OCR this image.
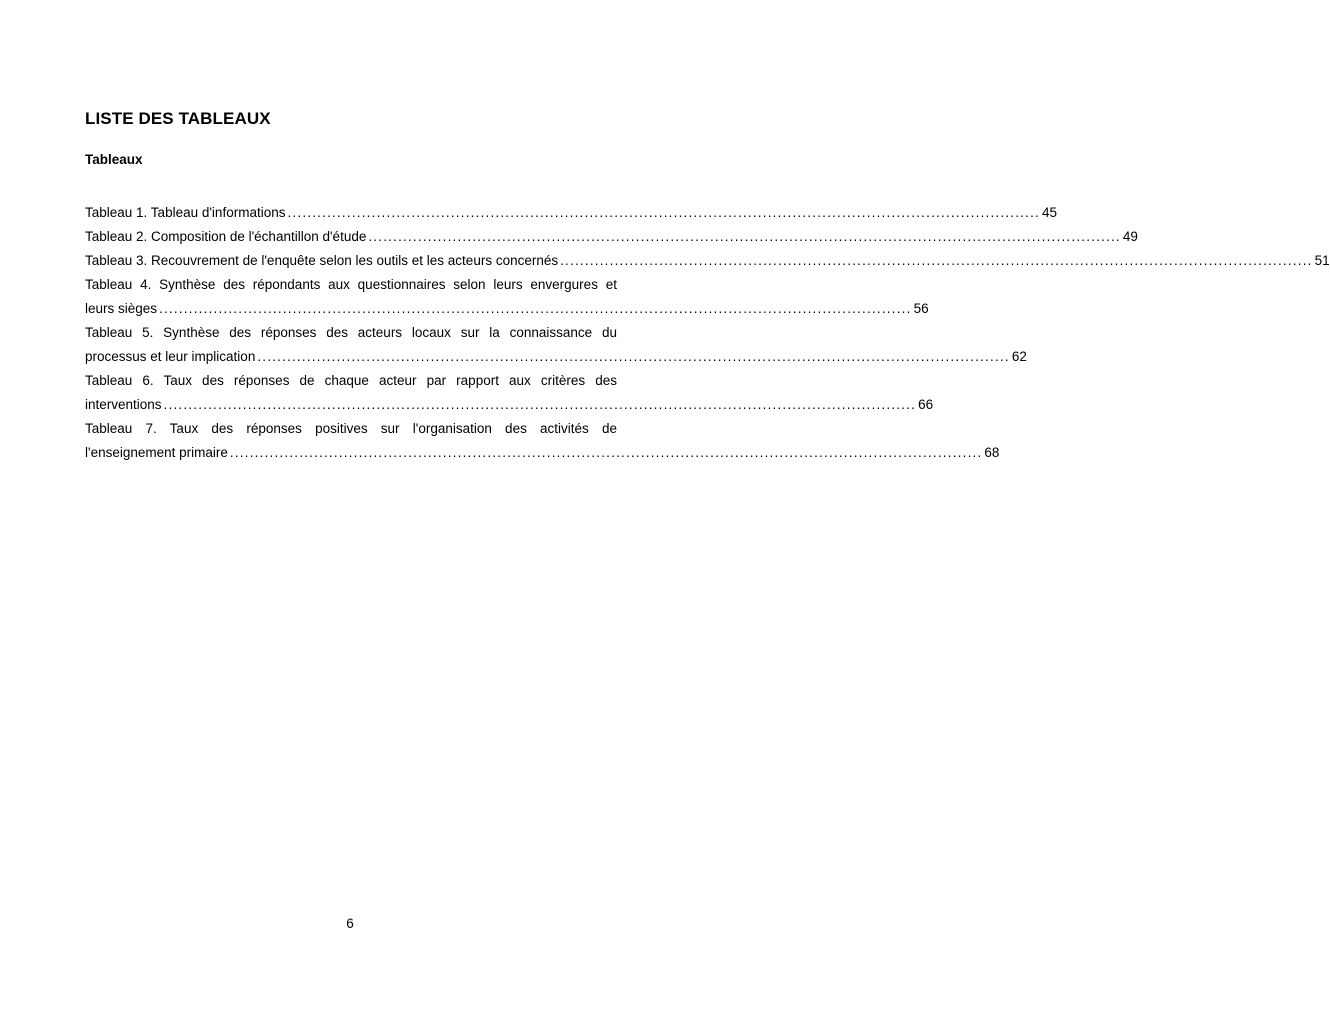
LISTE DES TABLEAUX
Tableaux
Tableau 1. Tableau d'informations ........................................................................................................................................................ 45
Tableau 2. Composition de l'échantillon d'étude ........................................................................................................................................................ 49
Tableau 3. Recouvrement de l'enquête selon les outils et les acteurs concernés ........................................................................................................................................................ 51
Tableau 4. Synthèse des répondants aux questionnaires selon leurs envergures et
leurs sièges ........................................................................................................................................................ 56
Tableau 5. Synthèse des réponses des acteurs locaux sur la connaissance du
processus et leur implication ........................................................................................................................................................ 62
Tableau 6. Taux des réponses de chaque acteur par rapport aux critères des
interventions ........................................................................................................................................................ 66
Tableau 7. Taux des réponses positives sur l'organisation des activités de
l'enseignement primaire ........................................................................................................................................................ 68
6
